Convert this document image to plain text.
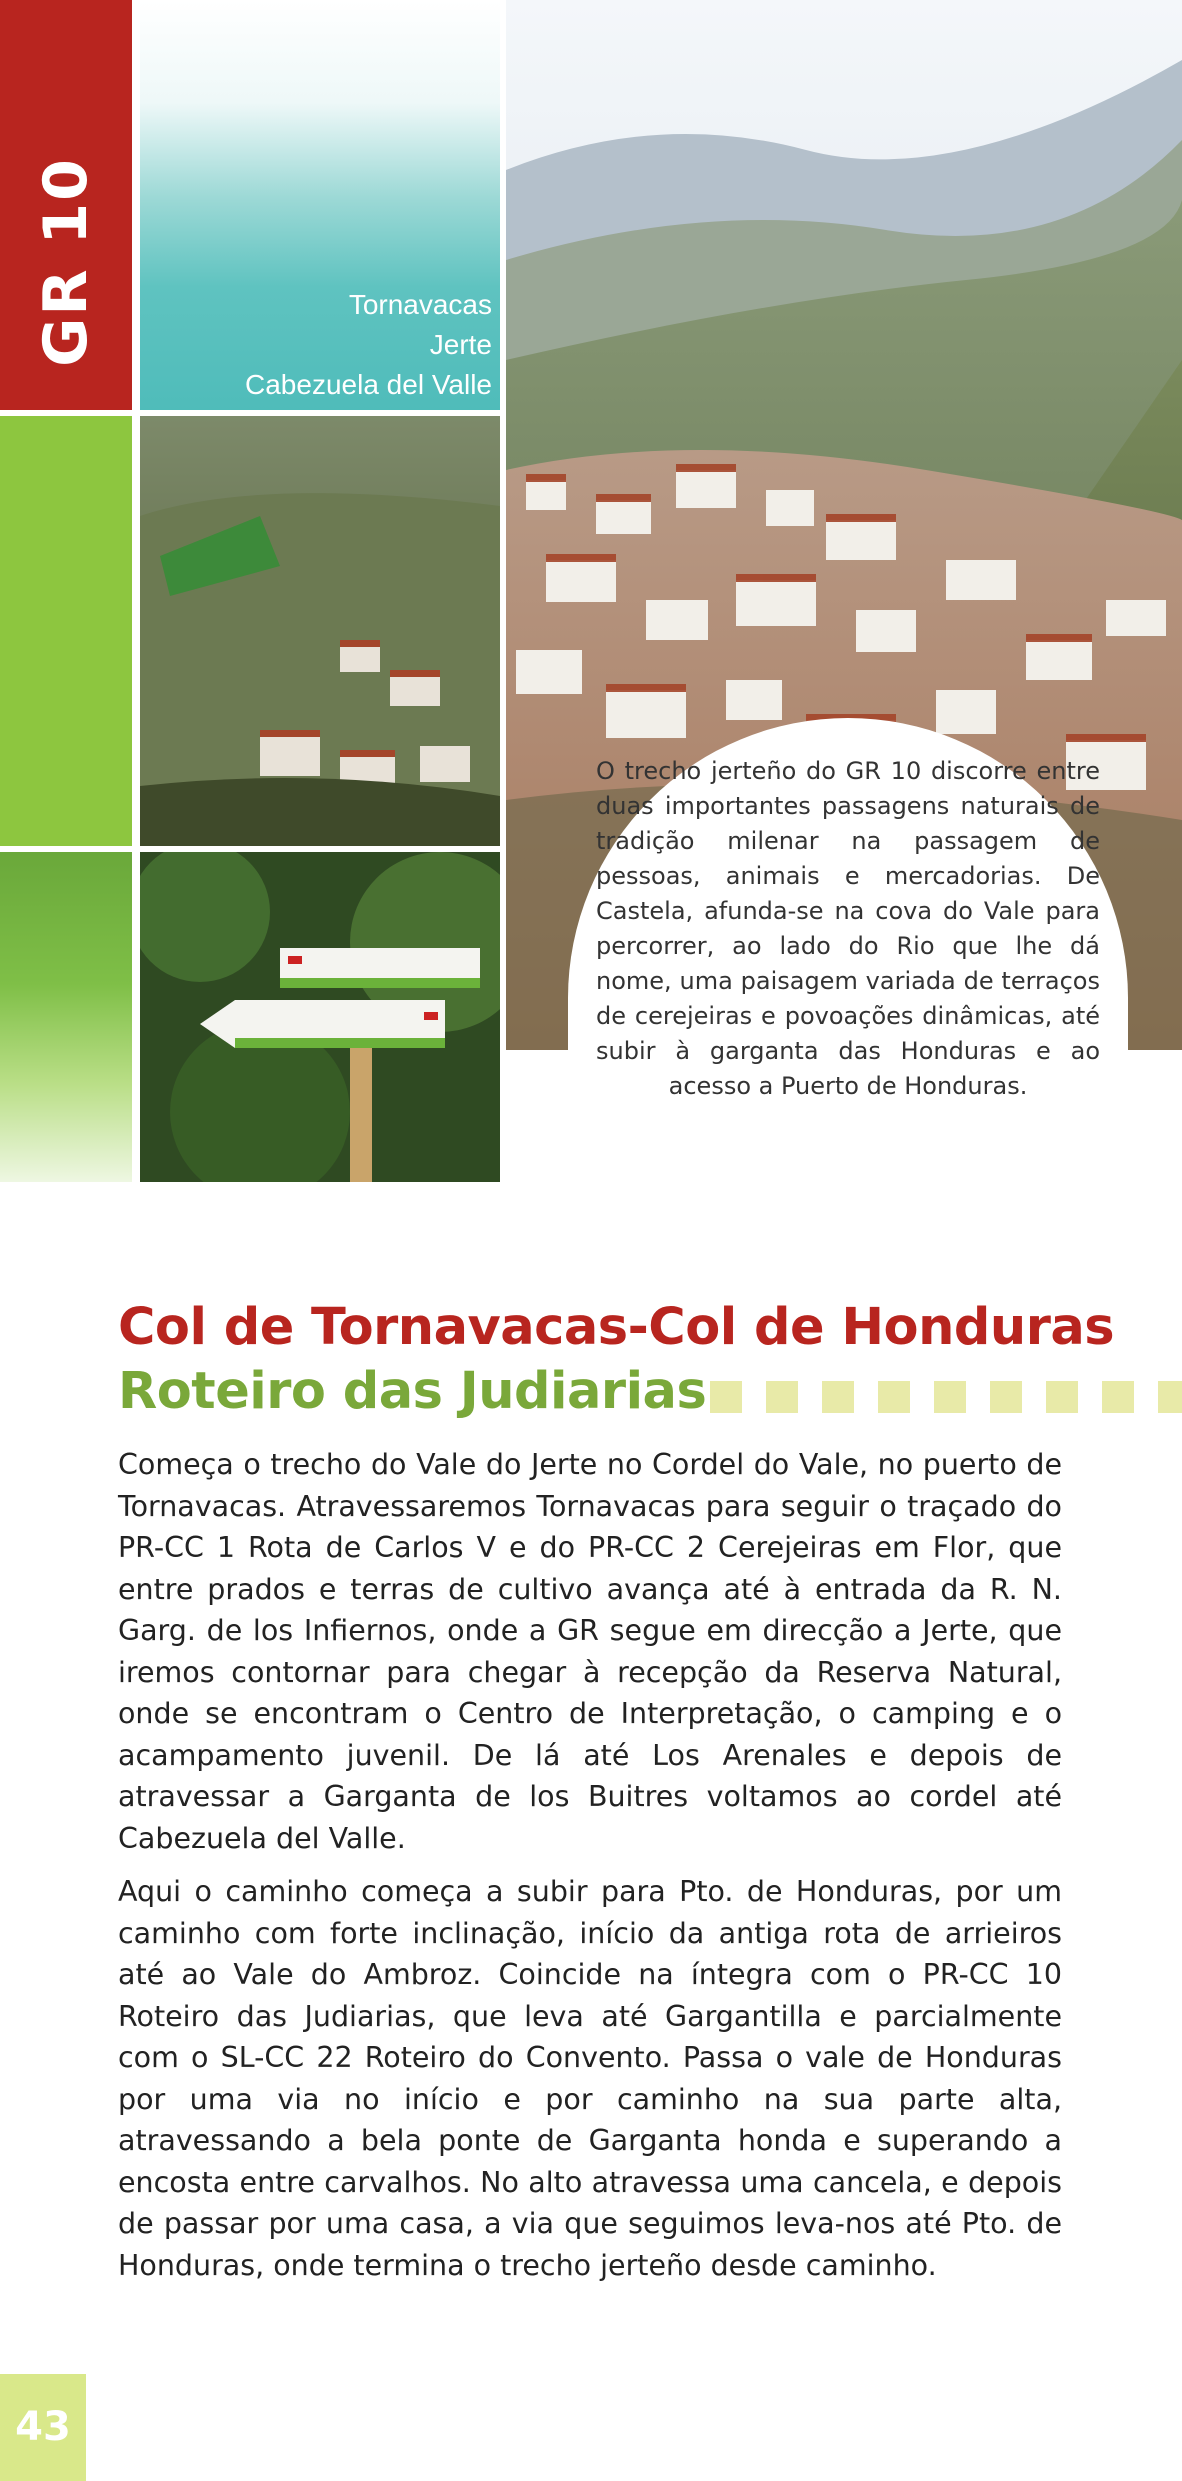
GR 10	Tornavacas
Jerte
Cabezuela del Valle
O trecho jerteño do GR 10 discorre entre duas importantes passagens naturais de tradição milenar na passagem de pessoas, animais e mercadorias. De Castela, afunda-se na cova do Vale para percorrer, ao lado do Rio que lhe dá nome, uma paisagem variada de terraços de cerejeiras e povoações dinâmicas, até subir à garganta das Honduras e ao acesso a Puerto de Honduras.
Col de Tornavacas-Col de Honduras
Roteiro das Judiarias

Começa o trecho do Vale do Jerte no Cordel do Vale, no puerto de Tornavacas. Atravessaremos Tornavacas para seguir o traçado do PR-CC 1 Rota de Carlos V e do PR-CC 2 Cerejeiras em Flor, que entre prados e terras de cultivo avança até à entrada da R. N. Garg. de los Infiernos, onde a GR segue em direcção a Jerte, que iremos contornar para chegar à recepção da Reserva Natural, onde se encontram o Centro de Interpretação, o camping e o acampamento juvenil. De lá até Los Arenales e depois de atravessar a Garganta de los Buitres voltamos ao cordel até Cabezuela del Valle.

Aqui o caminho começa a subir para Pto. de Honduras, por um caminho com forte inclinação, início da antiga rota de arrieiros até ao Vale do Ambroz. Coincide na íntegra com o PR-CC 10 Roteiro das Judiarias, que leva até Gargantilla e parcialmente com o SL-CC 22 Roteiro do Convento. Passa o vale de Honduras por uma via no início e por caminho na sua parte alta, atravessando a bela ponte de Garganta honda e superando a encosta entre carvalhos. No alto atravessa uma cancela, e depois de passar por uma casa, a via que seguimos leva-nos até Pto. de Honduras, onde termina o trecho jerteño desde caminho.

43
